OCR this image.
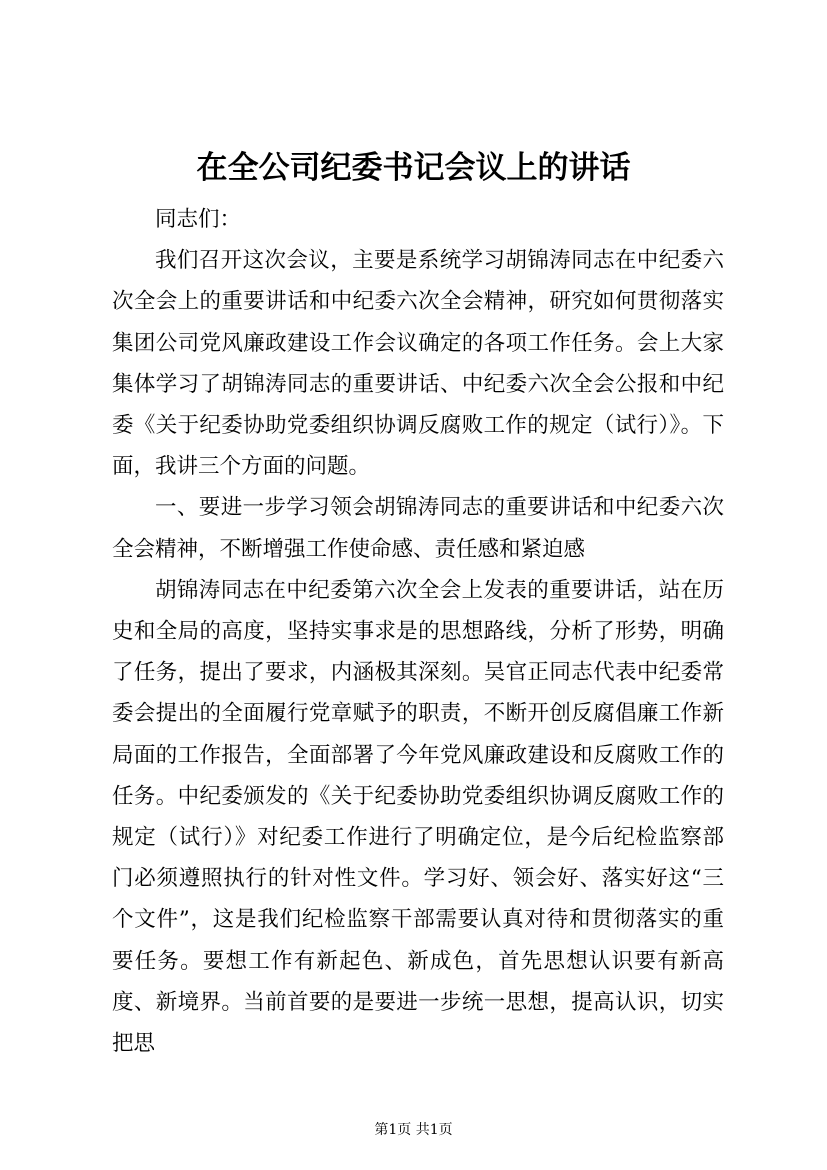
在全公司纪委书记会议上的讲话

同志们：

我们召开这次会议，主要是系统学习胡锦涛同志在中纪委六次全会上的重要讲话和中纪委六次全会精神，研究如何贯彻落实集团公司党风廉政建设工作会议确定的各项工作任务。会上大家集体学习了胡锦涛同志的重要讲话、中纪委六次全会公报和中纪委《关于纪委协助党委组织协调反腐败工作的规定（试行）》。下面，我讲三个方面的问题。

一、要进一步学习领会胡锦涛同志的重要讲话和中纪委六次全会精神，不断增强工作使命感、责任感和紧迫感

胡锦涛同志在中纪委第六次全会上发表的重要讲话，站在历史和全局的高度，坚持实事求是的思想路线，分析了形势，明确了任务，提出了要求，内涵极其深刻。吴官正同志代表中纪委常委会提出的全面履行党章赋予的职责，不断开创反腐倡廉工作新局面的工作报告，全面部署了今年党风廉政建设和反腐败工作的任务。中纪委颁发的《关于纪委协助党委组织协调反腐败工作的规定（试行）》对纪委工作进行了明确定位，是今后纪检监察部门必须遵照执行的针对性文件。学习好、领会好、落实好这“三个文件”，这是我们纪检监察干部需要认真对待和贯彻落实的重要任务。要想工作有新起色、新成色，首先思想认识要有新高度、新境界。当前首要的是要进一步统一思想，提高认识，切实把思

第1页 共1页
